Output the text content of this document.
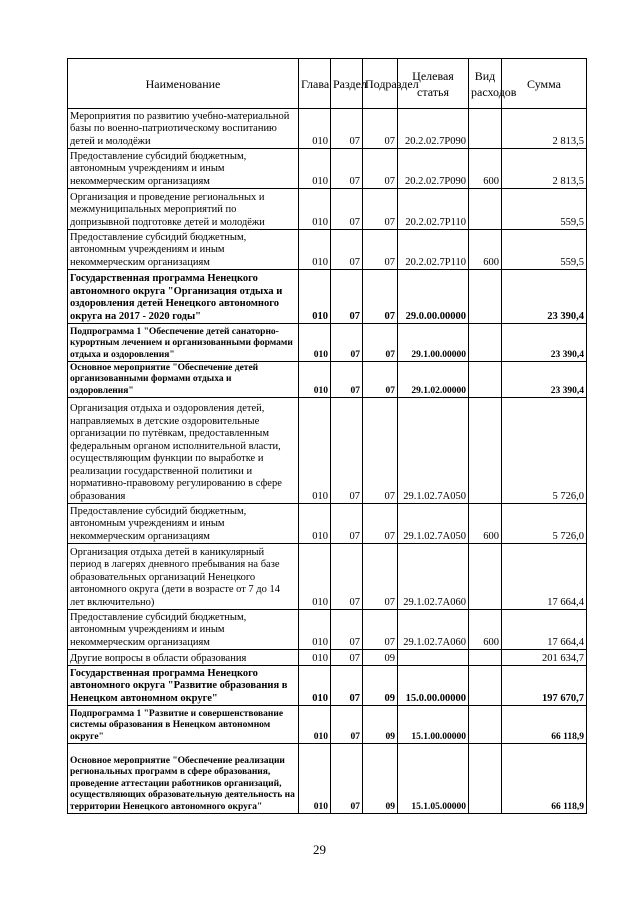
Наименование	Глава	Раздел	Подраздел	Целевая статья	Вид расходов	Сумма
Мероприятия по развитию учебно-материальной базы по военно-патриотическому воспитанию детей и молодёжи	010	07	07	20.2.02.7Р090		2 813,5
Предоставление субсидий бюджетным, автономным учреждениям и иным некоммерческим организациям	010	07	07	20.2.02.7Р090	600	2 813,5
Организация и проведение региональных и межмуниципальных мероприятий по допризывной подготовке детей и молодёжи	010	07	07	20.2.02.7Р110		559,5
Предоставление субсидий бюджетным, автономным учреждениям и иным некоммерческим организациям	010	07	07	20.2.02.7Р110	600	559,5
Государственная программа Ненецкого автономного округа "Организация отдыха и оздоровления детей Ненецкого автономного округа на 2017 - 2020 годы"	010	07	07	29.0.00.00000		23 390,4
Подпрограмма 1 "Обеспечение детей санаторно-курортным лечением и организованными формами отдыха и оздоровления"	010	07	07	29.1.00.00000		23 390,4
Основное мероприятие "Обеспечение детей организованными формами отдыха и оздоровления"	010	07	07	29.1.02.00000		23 390,4
Организация отдыха и оздоровления детей, направляемых в детские оздоровительные организации по путёвкам, предоставленным федеральным органом исполнительной власти, осуществляющим функции по выработке и реализации государственной политики и нормативно-правовому регулированию в сфере образования	010	07	07	29.1.02.7А050		5 726,0
Предоставление субсидий бюджетным, автономным учреждениям и иным некоммерческим организациям	010	07	07	29.1.02.7А050	600	5 726,0
Организация отдыха детей в каникулярный период в лагерях дневного пребывания на базе образовательных организаций Ненецкого автономного округа (дети в возрасте от 7 до 14 лет включительно)	010	07	07	29.1.02.7А060		17 664,4
Предоставление субсидий бюджетным, автономным учреждениям и иным некоммерческим организациям	010	07	07	29.1.02.7А060	600	17 664,4
Другие вопросы в области образования	010	07	09			201 634,7
Государственная программа Ненецкого автономного округа "Развитие образования в Ненецком автономном округе"	010	07	09	15.0.00.00000		197 670,7
Подпрограмма 1 "Развитие и совершенствование системы образования в Ненецком автономном округе"	010	07	09	15.1.00.00000		66 118,9
Основное мероприятие "Обеспечение реализации региональных программ в сфере образования, проведение аттестации работников организаций, осуществляющих образовательную деятельность на территории Ненецкого автономного округа"	010	07	09	15.1.05.00000		66 118,9
29
